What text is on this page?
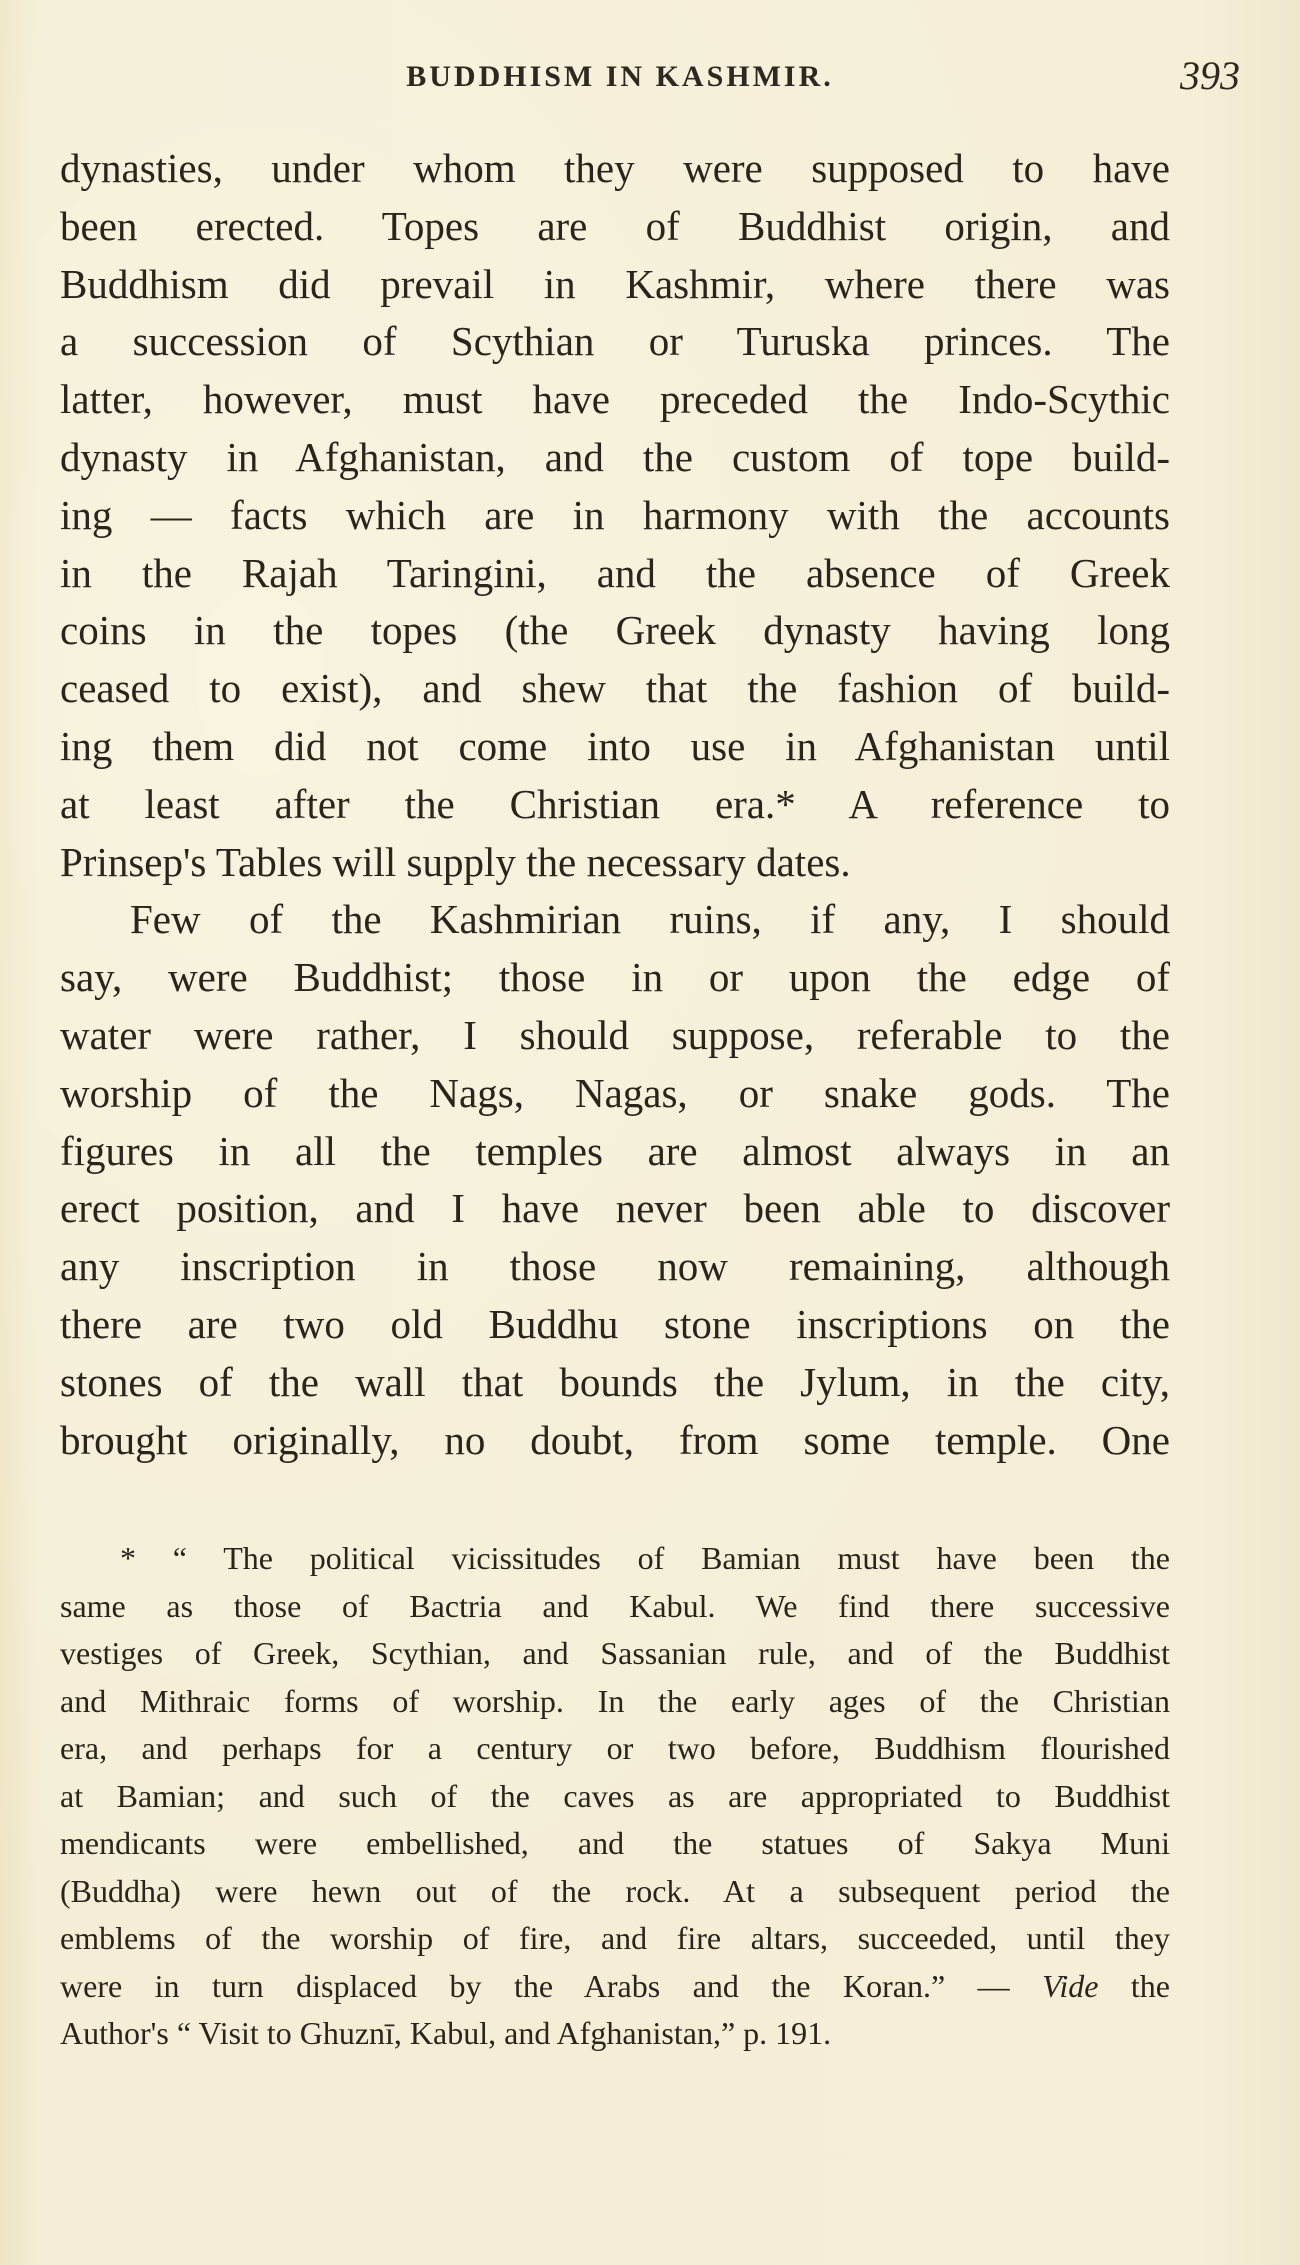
BUDDHISM IN KASHMIR.	393
dynasties, under whom they were supposed to have
been erected. Topes are of Buddhist origin, and
Buddhism did prevail in Kashmir, where there was
a succession of Scythian or Turuska princes. The
latter, however, must have preceded the Indo-Scythic
dynasty in Afghanistan, and the custom of tope build-
ing — facts which are in harmony with the accounts
in the Rajah Taringini, and the absence of Greek
coins in the topes (the Greek dynasty having long
ceased to exist), and shew that the fashion of build-
ing them did not come into use in Afghanistan until
at least after the Christian era.* A reference to
Prinsep's Tables will supply the necessary dates.
Few of the Kashmirian ruins, if any, I should
say, were Buddhist; those in or upon the edge of
water were rather, I should suppose, referable to the
worship of the Nags, Nagas, or snake gods. The
figures in all the temples are almost always in an
erect position, and I have never been able to discover
any inscription in those now remaining, although
there are two old Buddhu stone inscriptions on the
stones of the wall that bounds the Jylum, in the city,
brought originally, no doubt, from some temple. One
* “ The political vicissitudes of Bamian must have been the
same as those of Bactria and Kabul. We find there successive
vestiges of Greek, Scythian, and Sassanian rule, and of the Buddhist
and Mithraic forms of worship. In the early ages of the Christian
era, and perhaps for a century or two before, Buddhism flourished
at Bamian; and such of the caves as are appropriated to Buddhist
mendicants were embellished, and the statues of Sakya Muni
(Buddha) were hewn out of the rock. At a subsequent period the
emblems of the worship of fire, and fire altars, succeeded, until they
were in turn displaced by the Arabs and the Koran.” — Vide the
Author's “ Visit to Ghuznī, Kabul, and Afghanistan,” p. 191.
